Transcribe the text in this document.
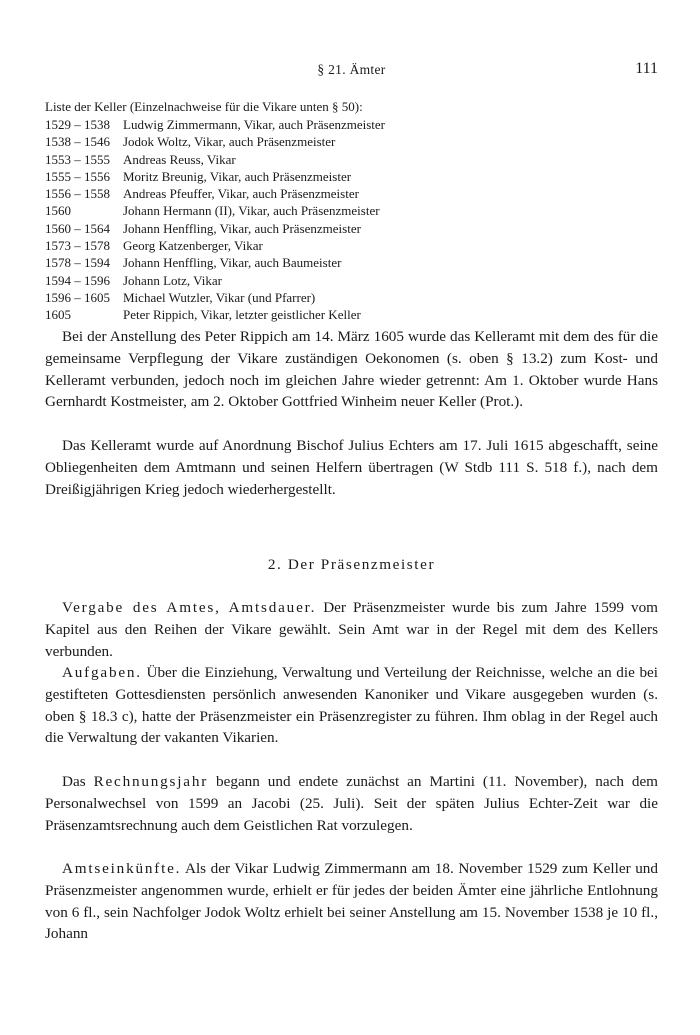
§ 21. Ämter	111
Liste der Keller (Einzelnachweise für die Vikare unten § 50):
1529 – 1538 Ludwig Zimmermann, Vikar, auch Präsenzmeister
1538 – 1546 Jodok Woltz, Vikar, auch Präsenzmeister
1553 – 1555 Andreas Reuss, Vikar
1555 – 1556 Moritz Breunig, Vikar, auch Präsenzmeister
1556 – 1558 Andreas Pfeuffer, Vikar, auch Präsenzmeister
1560	Johann Hermann (II), Vikar, auch Präsenzmeister
1560 – 1564 Johann Henffling, Vikar, auch Präsenzmeister
1573 – 1578 Georg Katzenberger, Vikar
1578 – 1594 Johann Henffling, Vikar, auch Baumeister
1594 – 1596 Johann Lotz, Vikar
1596 – 1605 Michael Wutzler, Vikar (und Pfarrer)
1605	Peter Rippich, Vikar, letzter geistlicher Keller

Bei der Anstellung des Peter Rippich am 14. März 1605 wurde das Kelleramt mit dem des für die gemeinsame Verpflegung der Vikare zuständigen Oekonomen (s. oben § 13.2) zum Kost- und Kelleramt verbunden, jedoch noch im gleichen Jahre wieder getrennt: Am 1. Oktober wurde Hans Gernhardt Kostmeister, am 2. Oktober Gottfried Winheim neuer Keller (Prot.).

Das Kelleramt wurde auf Anordnung Bischof Julius Echters am 17. Juli 1615 abgeschafft, seine Obliegenheiten dem Amtmann und seinen Helfern übertragen (W Stdb 111 S. 518 f.), nach dem Dreißigjährigen Krieg jedoch wiederhergestellt.

2. Der Präsenzmeister

Vergabe des Amtes, Amtsdauer. Der Präsenzmeister wurde bis zum Jahre 1599 vom Kapitel aus den Reihen der Vikare gewählt. Sein Amt war in der Regel mit dem des Kellers verbunden.

Aufgaben. Über die Einziehung, Verwaltung und Verteilung der Reichnisse, welche an die bei gestifteten Gottesdiensten persönlich anwesenden Kanoniker und Vikare ausgegeben wurden (s. oben § 18.3 c), hatte der Präsenzmeister ein Präsenzregister zu führen. Ihm oblag in der Regel auch die Verwaltung der vakanten Vikarien.

Das Rechnungsjahr begann und endete zunächst an Martini (11. November), nach dem Personalwechsel von 1599 an Jacobi (25. Juli). Seit der späten Julius Echter-Zeit war die Präsenzamtsrechnung auch dem Geistlichen Rat vorzulegen.

Amtseinkünfte. Als der Vikar Ludwig Zimmermann am 18. November 1529 zum Keller und Präsenzmeister angenommen wurde, erhielt er für jedes der beiden Ämter eine jährliche Entlohnung von 6 fl., sein Nachfolger Jodok Woltz erhielt bei seiner Anstellung am 15. November 1538 je 10 fl., Johann
